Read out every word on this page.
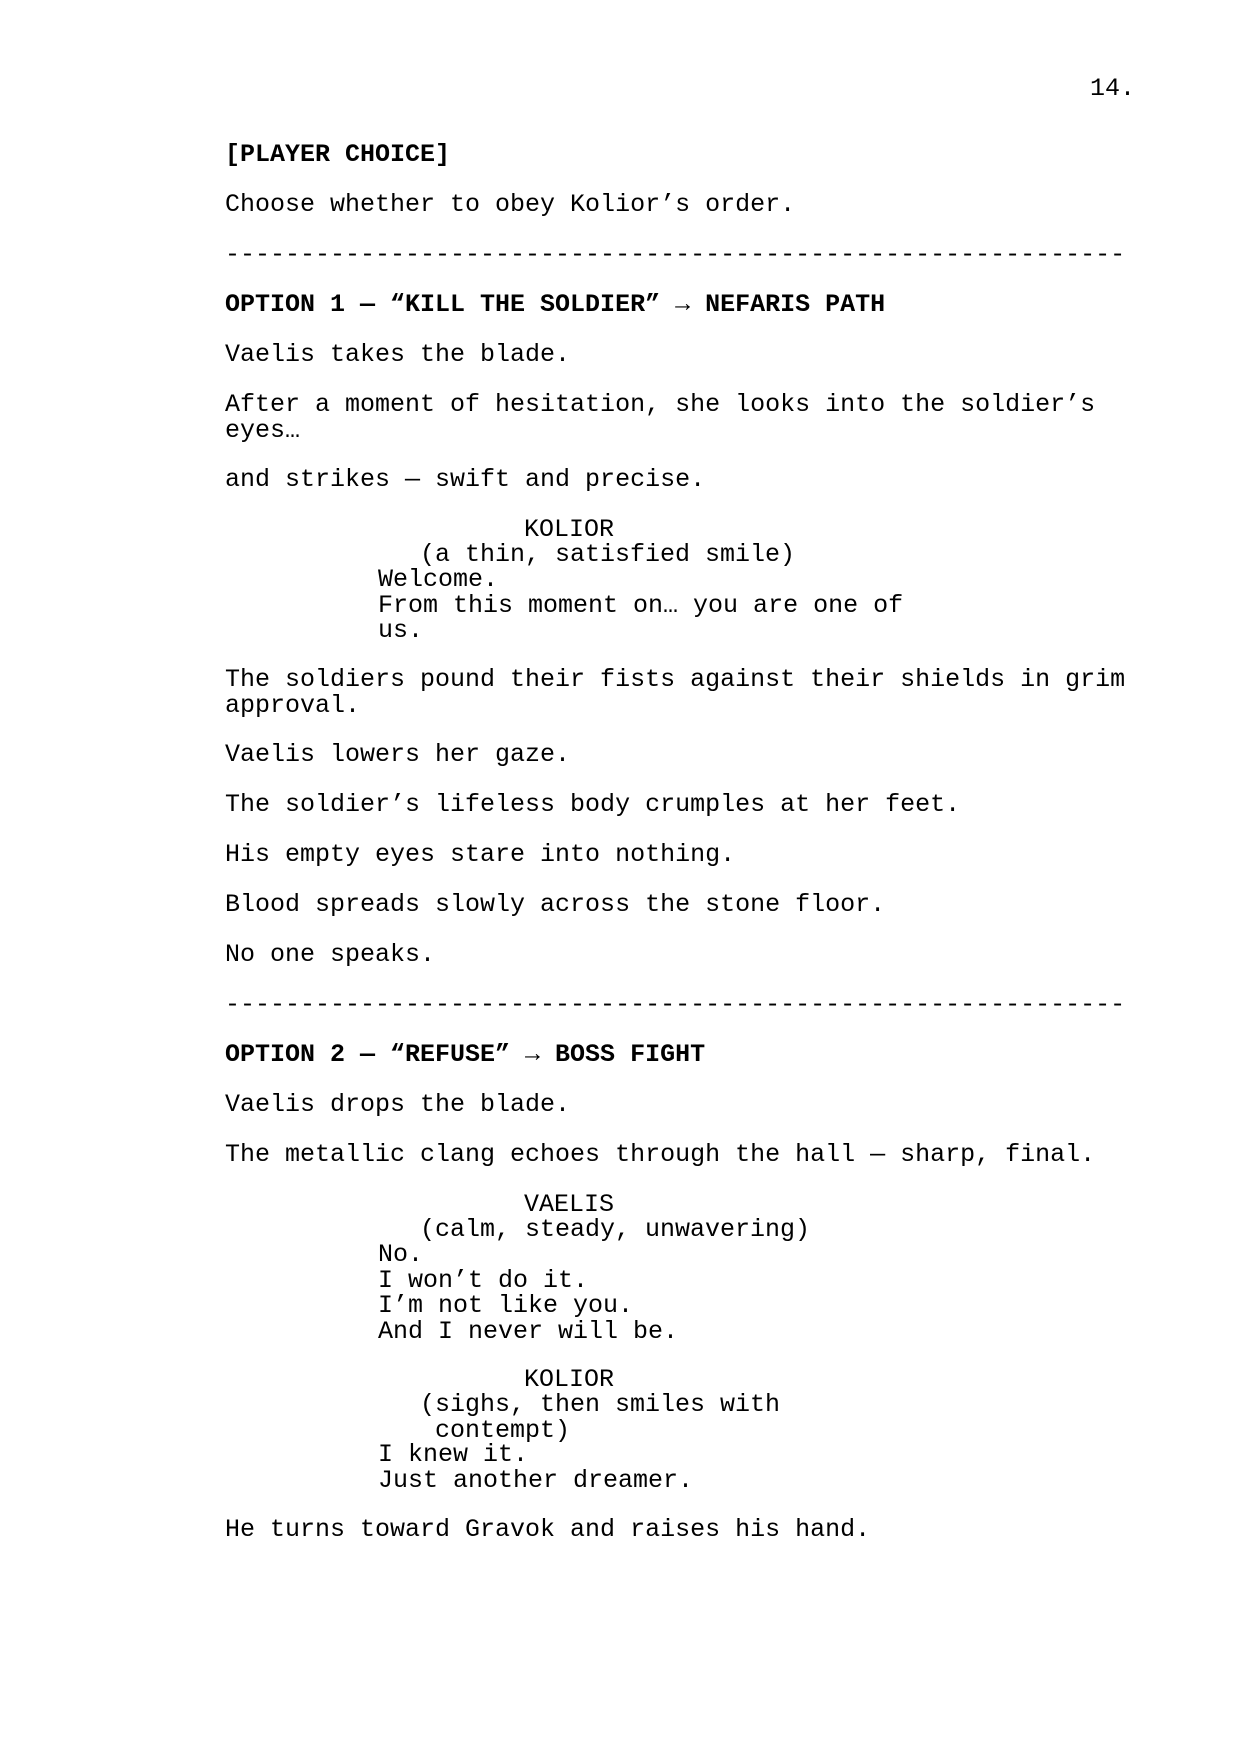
14.
[PLAYER CHOICE]
Choose whether to obey Kolior’s order.
------------------------------------------------------------
OPTION 1 — “KILL THE SOLDIER” → NEFARIS PATH
Vaelis takes the blade.
After a moment of hesitation, she looks into the soldier’s
eyes…
and strikes — swift and precise.
KOLIOR
(a thin, satisfied smile)
Welcome.
From this moment on… you are one of
us.
The soldiers pound their fists against their shields in grim
approval.
Vaelis lowers her gaze.
The soldier’s lifeless body crumples at her feet.
His empty eyes stare into nothing.
Blood spreads slowly across the stone floor.
No one speaks.
------------------------------------------------------------
OPTION 2 — “REFUSE” → BOSS FIGHT
Vaelis drops the blade.
The metallic clang echoes through the hall — sharp, final.
VAELIS
(calm, steady, unwavering)
No.
I won’t do it.
I’m not like you.
And I never will be.
KOLIOR
(sighs, then smiles with
contempt)
I knew it.
Just another dreamer.
He turns toward Gravok and raises his hand.
